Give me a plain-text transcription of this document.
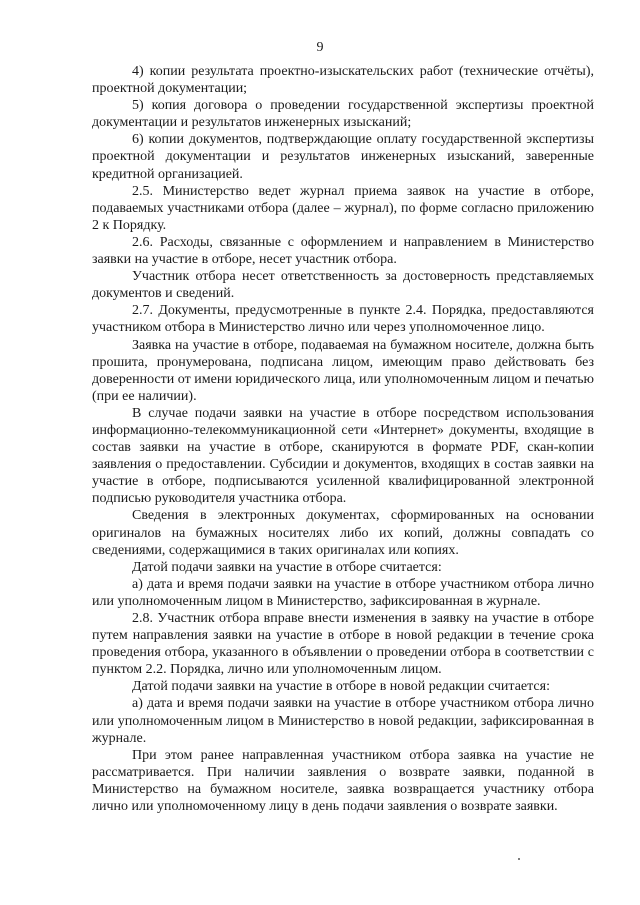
9

4) копии результата проектно-изыскательских работ (технические отчёты), проектной документации;

5) копия договора о проведении государственной экспертизы проектной документации и результатов инженерных изысканий;

6) копии документов, подтверждающие оплату государственной экспертизы проектной документации и результатов инженерных изысканий, заверенные кредитной организацией.

2.5. Министерство ведет журнал приема заявок на участие в отборе, подаваемых участниками отбора (далее – журнал), по форме согласно приложению 2 к Порядку.

2.6. Расходы, связанные с оформлением и направлением в Министерство заявки на участие в отборе, несет участник отбора.

Участник отбора несет ответственность за достоверность представляемых документов и сведений.

2.7. Документы, предусмотренные в пункте 2.4. Порядка, предоставляются участником отбора в Министерство лично или через уполномоченное лицо.

Заявка на участие в отборе, подаваемая на бумажном носителе, должна быть прошита, пронумерована, подписана лицом, имеющим право действовать без доверенности от имени юридического лица, или уполномоченным лицом и печатью (при ее наличии).

В случае подачи заявки на участие в отборе посредством использования информационно-телекоммуникационной сети «Интернет» документы, входящие в состав заявки на участие в отборе, сканируются в формате PDF, скан-копии заявления о предоставлении. Субсидии и документов, входящих в состав заявки на участие в отборе, подписываются усиленной квалифицированной электронной подписью руководителя участника отбора.

Сведения в электронных документах, сформированных на основании оригиналов на бумажных носителях либо их копий, должны совпадать со сведениями, содержащимися в таких оригиналах или копиях.

Датой подачи заявки на участие в отборе считается:

а) дата и время подачи заявки на участие в отборе участником отбора лично или уполномоченным лицом в Министерство, зафиксированная в журнале.

2.8. Участник отбора вправе внести изменения в заявку на участие в отборе путем направления заявки на участие в отборе в новой редакции в течение срока проведения отбора, указанного в объявлении о проведении отбора в соответствии с пунктом 2.2. Порядка, лично или уполномоченным лицом.

Датой подачи заявки на участие в отборе в новой редакции считается:

а) дата и время подачи заявки на участие в отборе участником отбора лично или уполномоченным лицом в Министерство в новой редакции, зафиксированная в журнале.

При этом ранее направленная участником отбора заявка на участие не рассматривается. При наличии заявления о возврате заявки, поданной в Министерство на бумажном носителе, заявка возвращается участнику отбора лично или уполномоченному лицу в день подачи заявления о возврате заявки.
